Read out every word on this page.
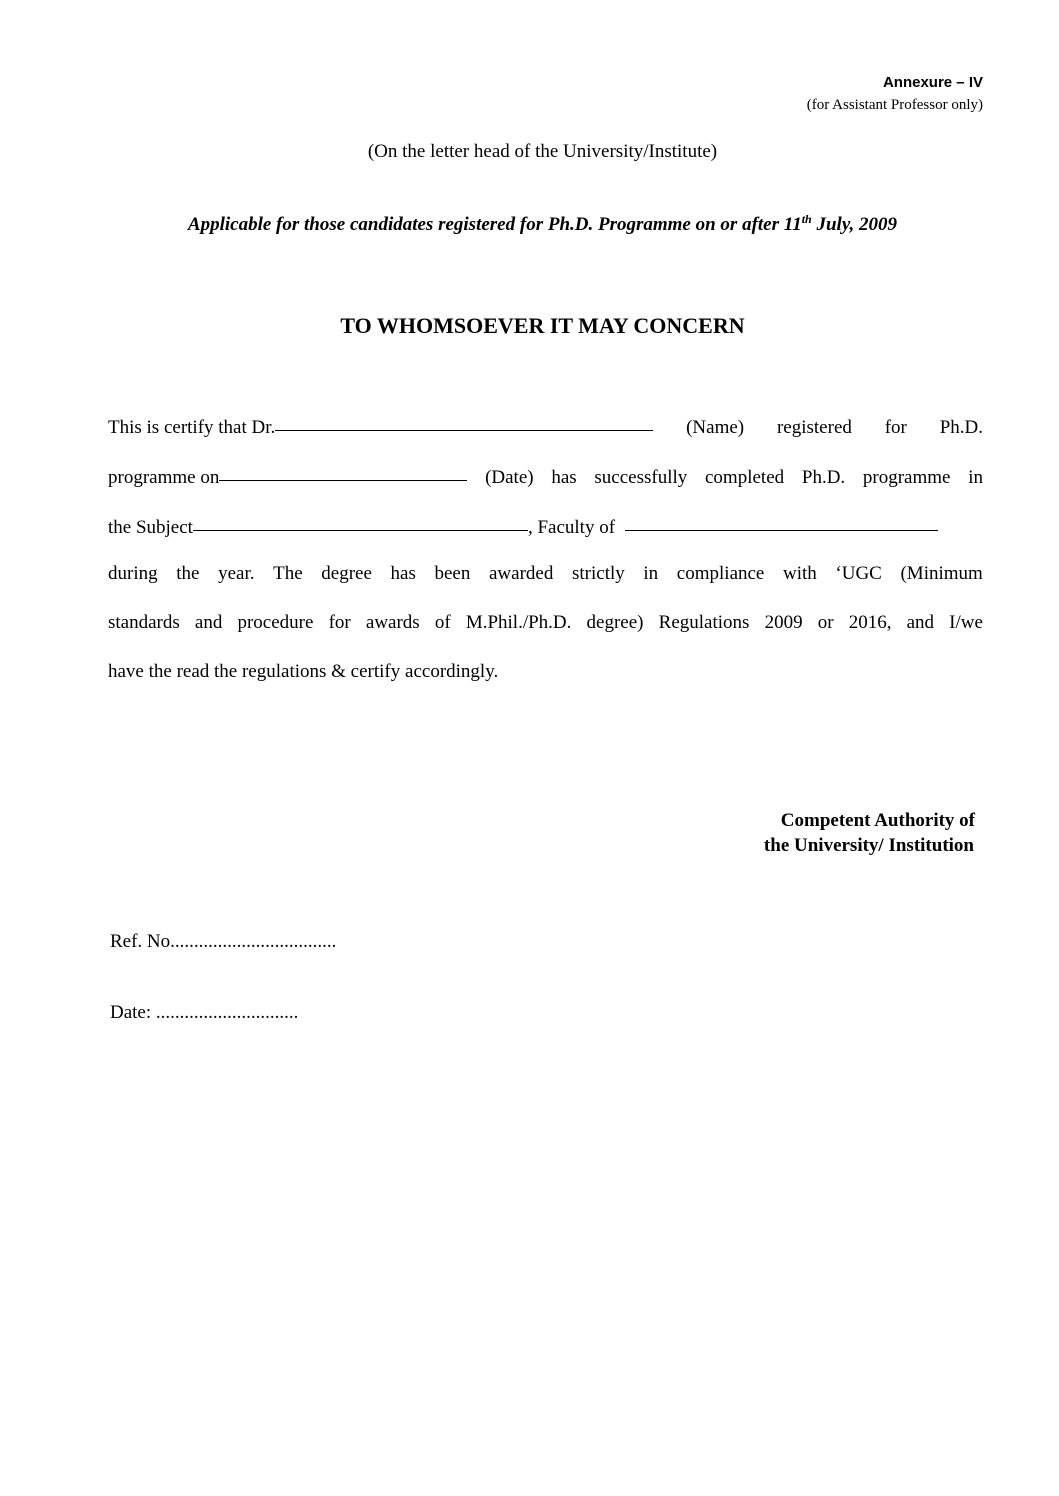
Annexure – IV
(for Assistant Professor only)
(On the letter head of the University/Institute)
Applicable for those candidates registered for Ph.D. Programme on or after 11th July, 2009
TO WHOMSOEVER IT MAY CONCERN
This is certify that Dr.	(Name) registered for Ph.D.
programme on	(Date) has successfully completed Ph.D. programme in
the Subject	, Faculty of
during the year. The degree has been awarded strictly in compliance with ‘UGC (Minimum
standards and procedure for awards of M.Phil./Ph.D. degree) Regulations 2009 or 2016, and I/we
have the read the regulations & certify accordingly.
Competent Authority of
the University/ Institution
Ref. No...................................
Date: ..............................
